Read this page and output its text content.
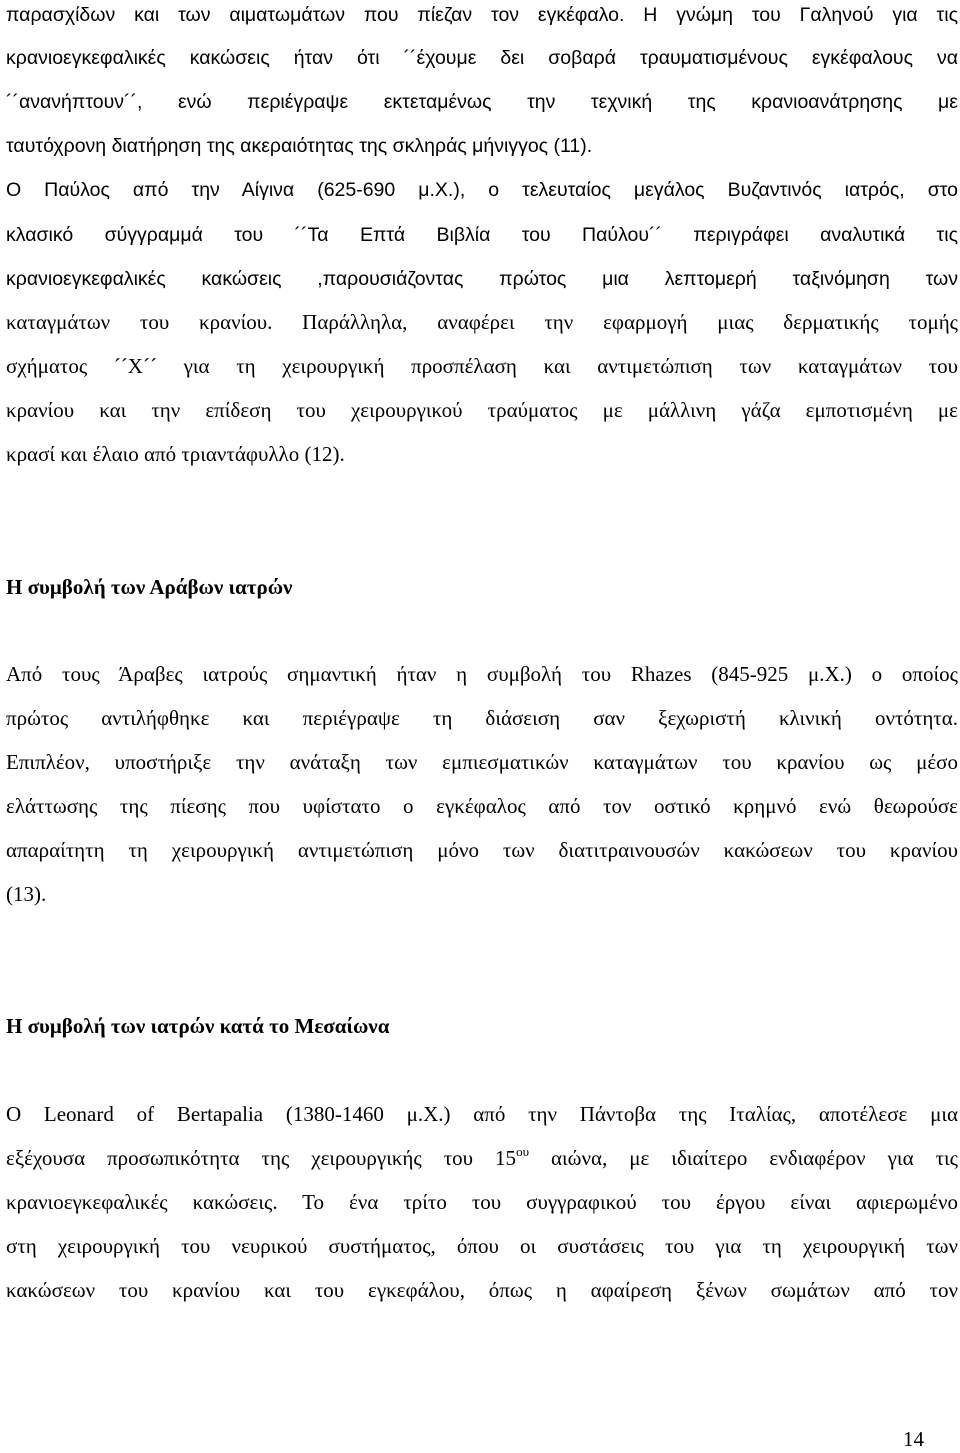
παρασχίδων και των αιματωμάτων που πίεζαν τον εγκέφαλο. Η γνώμη του Γαληνού για τις
κρανιοεγκεφαλικές κακώσεις ήταν ότι ´´έχουμε δει σοβαρά τραυματισμένους εγκέφαλους να
´´ανανήπτουν´´, ενώ περιέγραψε εκτεταμένως την τεχνική της κρανιοανάτρησης με
ταυτόχρονη διατήρηση της ακεραιότητας της σκληράς μήνιγγος (11).
Ο Παύλος από την Αίγινα (625-690 μ.Χ.), ο τελευταίος μεγάλος Βυζαντινός ιατρός, στο
κλασικό σύγγραμμά του ´´Τα Επτά Βιβλία του Παύλου´´ περιγράφει αναλυτικά τις
κρανιοεγκεφαλικές κακώσεις ,παρουσιάζοντας πρώτος μια λεπτομερή ταξινόμηση των
καταγμάτων του κρανίου. Παράλληλα, αναφέρει την εφαρμογή μιας δερματικής τομής
σχήματος ´´Χ´´ για τη χειρουργική προσπέλαση και αντιμετώπιση των καταγμάτων του
κρανίου και την επίδεση του χειρουργικού τραύματος με μάλλινη γάζα εμποτισμένη με
κρασί και έλαιο από τριαντάφυλλο (12).
Η συμβολή των Αράβων ιατρών
Από τους Άραβες ιατρούς σημαντική ήταν η συμβολή του Rhazes (845-925 μ.Χ.) ο οποίος
πρώτος αντιλήφθηκε και περιέγραψε τη διάσειση σαν ξεχωριστή κλινική οντότητα.
Επιπλέον, υποστήριξε την ανάταξη των εμπιεσματικών καταγμάτων του κρανίου ως μέσο
ελάττωσης της πίεσης που υφίστατο ο εγκέφαλος από τον οστικό κρημνό ενώ θεωρούσε
απαραίτητη τη χειρουργική αντιμετώπιση μόνο των διατιτραινουσών κακώσεων του κρανίου
(13).
Η συμβολή των ιατρών κατά το Μεσαίωνα
Ο Leonard of Bertapalia (1380-1460 μ.Χ.) από την Πάντοβα της Ιταλίας, αποτέλεσε μια
εξέχουσα προσωπικότητα της χειρουργικής του $15^{o\upsilon}$ αιώνα, με ιδιαίτερο ενδιαφέρον για τις
κρανιοεγκεφαλικές κακώσεις. Το ένα τρίτο του συγγραφικού του έργου είναι αφιερωμένο
στη χειρουργική του νευρικού συστήματος, όπου οι συστάσεις του για τη χειρουργική των
κακώσεων του κρανίου και του εγκεφάλου, όπως η αφαίρεση ξένων σωμάτων από τον
14
